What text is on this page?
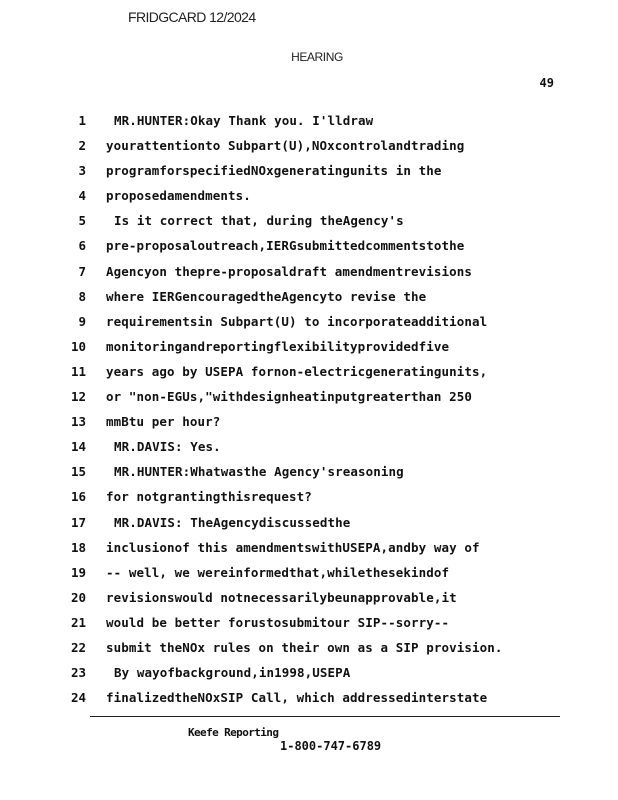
FRIDGCARD 12/2024
HEARING
49
1 MR.HUNTER:Okay Thank you. I'lldraw
2 yourattentionto Subpart(U),NOxcontrolandtrading
3 programforspecifiedNOxgeneratingunits in the
4 proposedamendments.
5 Is it correct that, during theAgency's
6 pre-proposaloutreach,IERGsubmittedcommentstothe
7 Agencyon thepre-proposaldraft amendmentrevisions
8 where IERGencouragedtheAgencyto revise the
9 requirementsin Subpart(U) to incorporateadditional
10 monitoringandreportingflexibilityprovidedfive
11 years ago by USEPA fornon-electricgeneratingunits,
12 or "non-EGUs,"withdesignheatinputgreaterthan 250
13 mmBtu per hour?
14 MR.DAVIS: Yes.
15 MR.HUNTER:Whatwasthe Agency'sreasoning
16 for notgrantingthisrequest?
17 MR.DAVIS: TheAgencydiscussedthe
18 inclusionof this amendmentswithUSEPA,andby way of
19 -- well, we wereinformedthat,whilethesekindof
20 revisionswould notnecessarilybeunapprovable,it
21 would be better forustosubmitour SIP--sorry--
22 submit theNOx rules on their own as a SIP provision.
23 By wayofbackground,in1998,USEPA
24 finalizedtheNOxSIP Call, which addressedinterstate
Keefe Reporting
1-800-747-6789
